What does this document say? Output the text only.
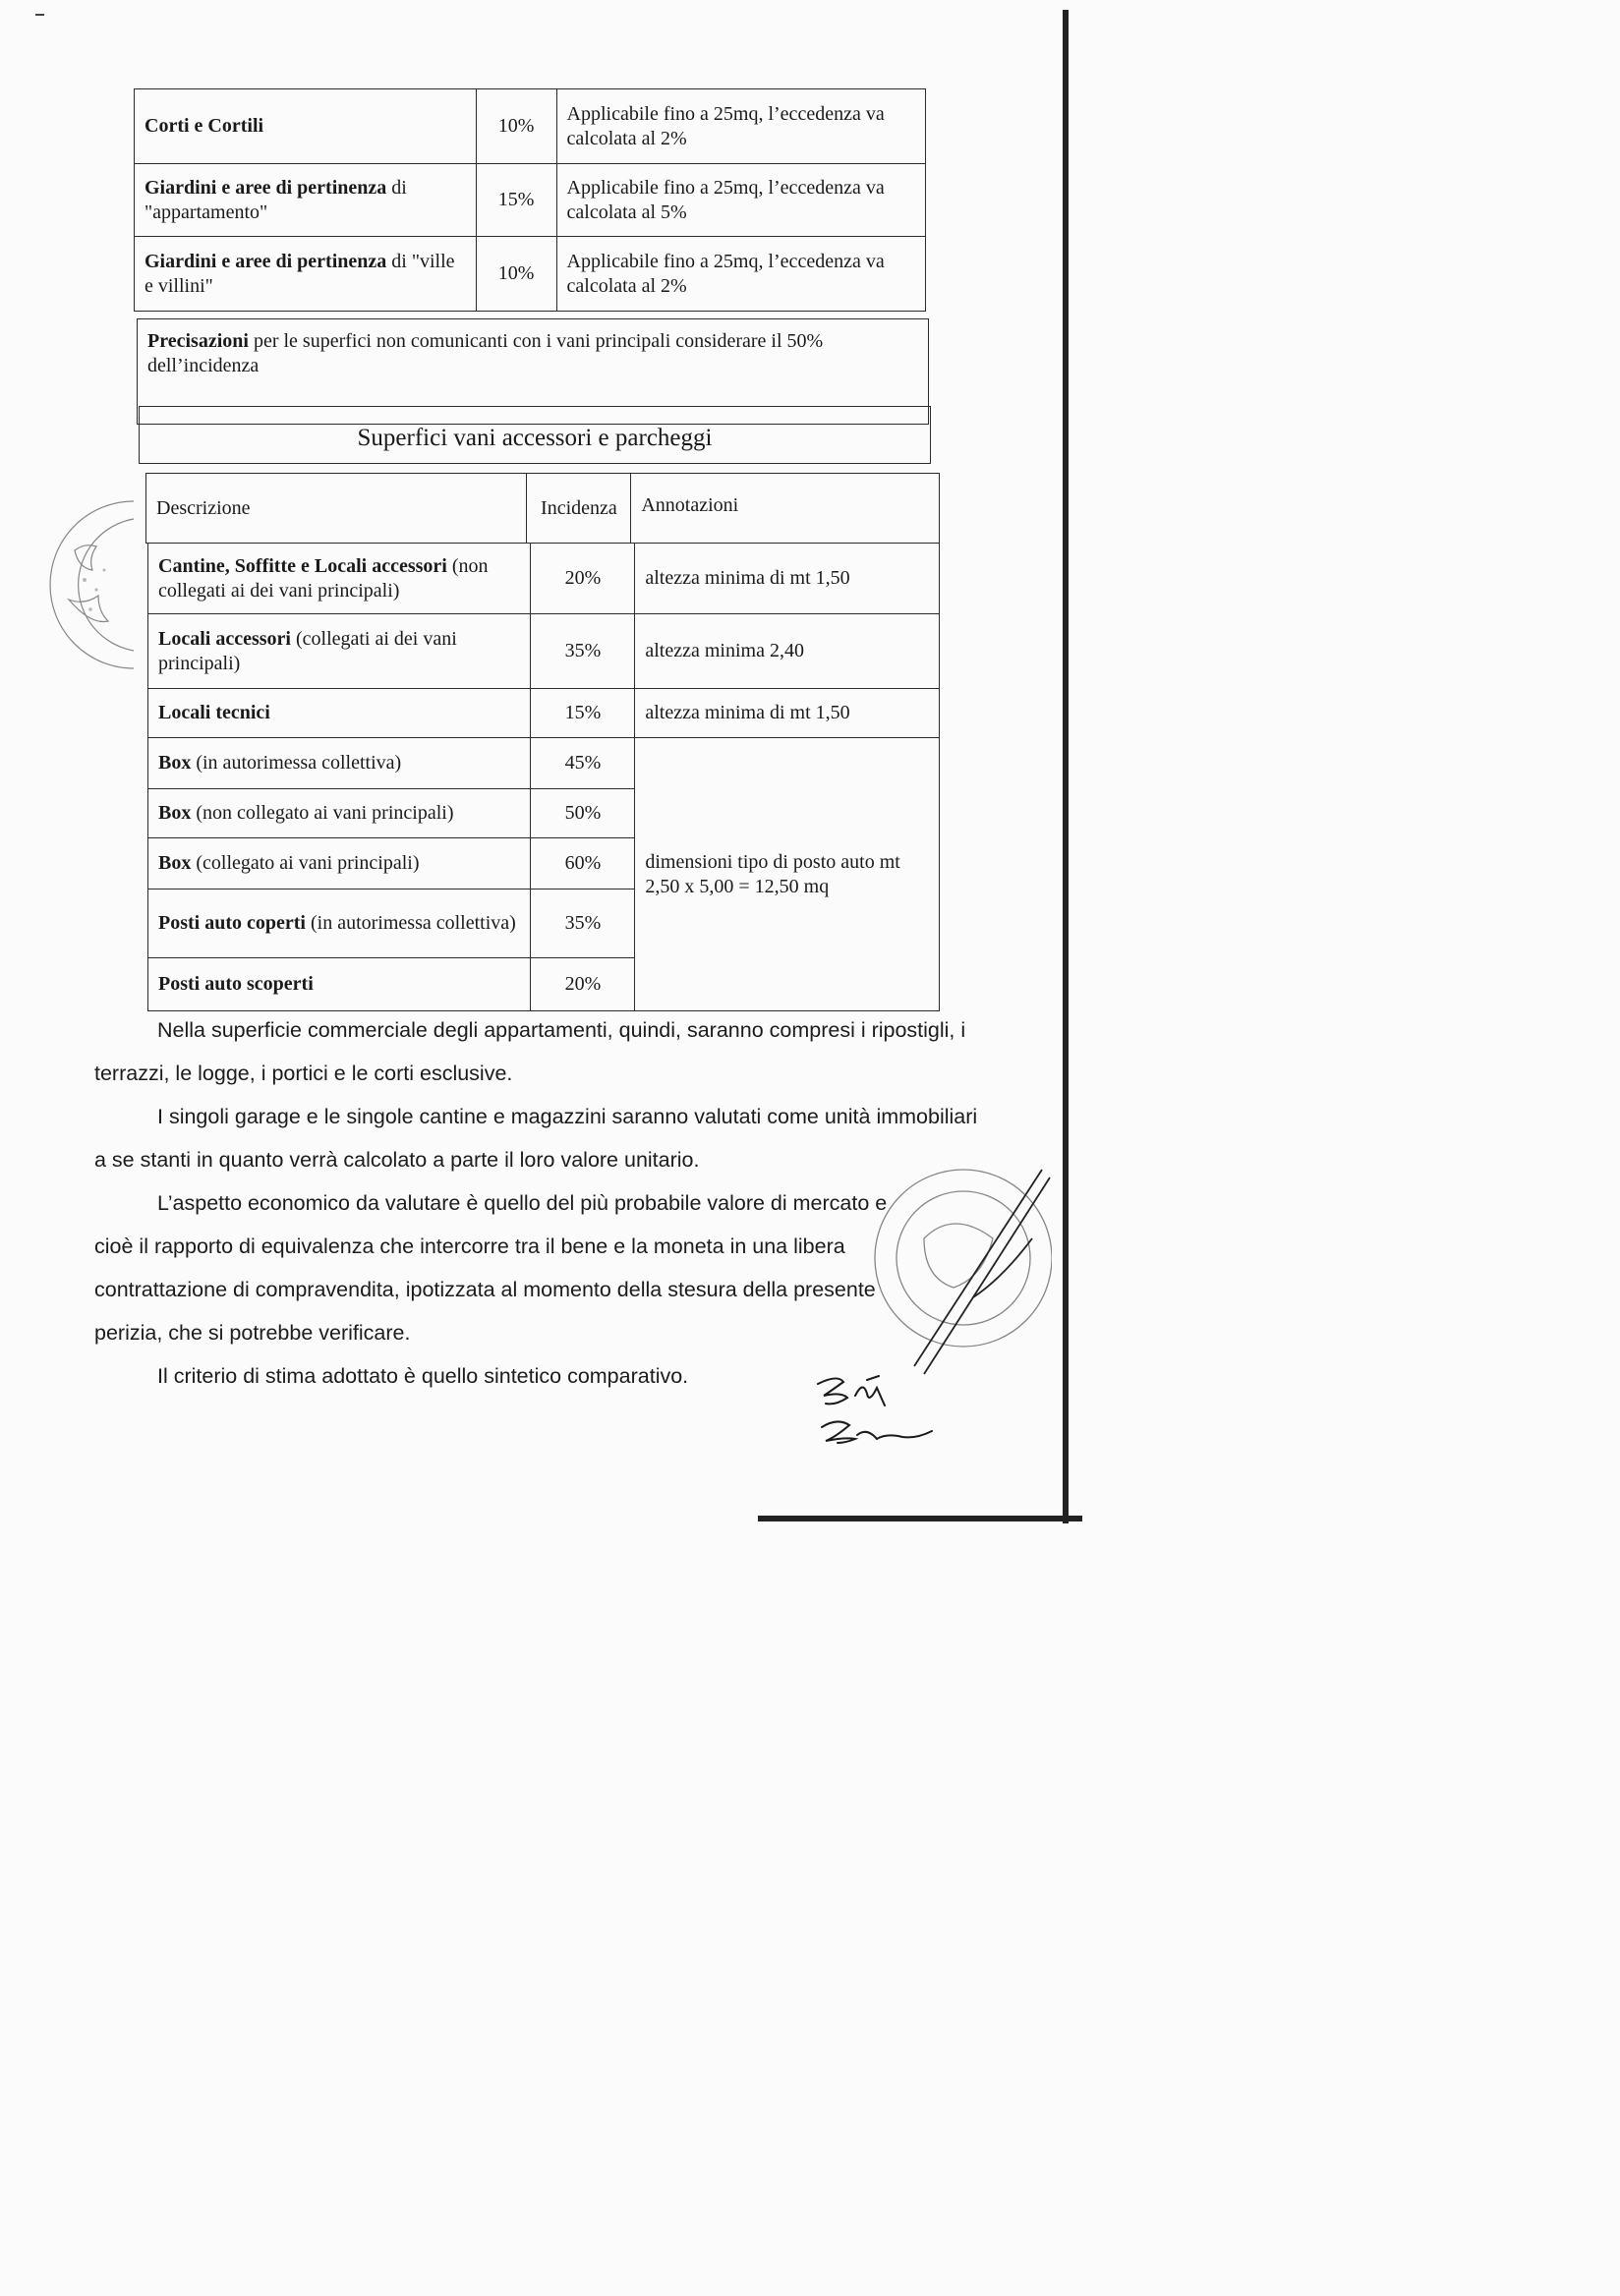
Corti e Cortili	10%	Applicabile fino a 25mq, l’eccedenza va calcolata al 2%
Giardini e aree di pertinenza di "appartamento"	15%	Applicabile fino a 25mq, l’eccedenza va calcolata al 5%
Giardini e aree di pertinenza di "ville e villini"	10%	Applicabile fino a 25mq, l’eccedenza va calcolata al 2%
Precisazioni per le superfici non comunicanti con i vani principali considerare il 50% dell’incidenza
Superfici vani accessori e parcheggi
Descrizione	Incidenza	Annotazioni
Cantine, Soffitte e Locali accessori (non collegati ai dei vani principali)	20%	altezza minima di mt 1,50
Locali accessori (collegati ai dei vani principali)	35%	altezza minima 2,40
Locali tecnici	15%	altezza minima di mt 1,50
Box (in autorimessa collettiva)	45%	dimensioni tipo di posto auto mt 2,50 x 5,00 = 12,50 mq
Box (non collegato ai vani principali)	50%	
Box (collegato ai vani principali)	60%	
Posti auto coperti (in autorimessa collettiva)	35%	
Posti auto scoperti	20%	

Nella superficie commerciale degli appartamenti, quindi, saranno compresi i ripostigli, i terrazzi, le logge, i portici e le corti esclusive.

I singoli garage e le singole cantine e magazzini saranno valutati come unità immobiliari a se stanti in quanto verrà calcolato a parte il loro valore unitario.

L’aspetto economico da valutare è quello del più probabile valore di mercato e cioè il rapporto di equivalenza che intercorre tra il bene e la moneta in una libera contrattazione di compravendita, ipotizzata al momento della stesura della presente perizia, che si potrebbe verificare.

Il criterio di stima adottato è quello sintetico comparativo.
